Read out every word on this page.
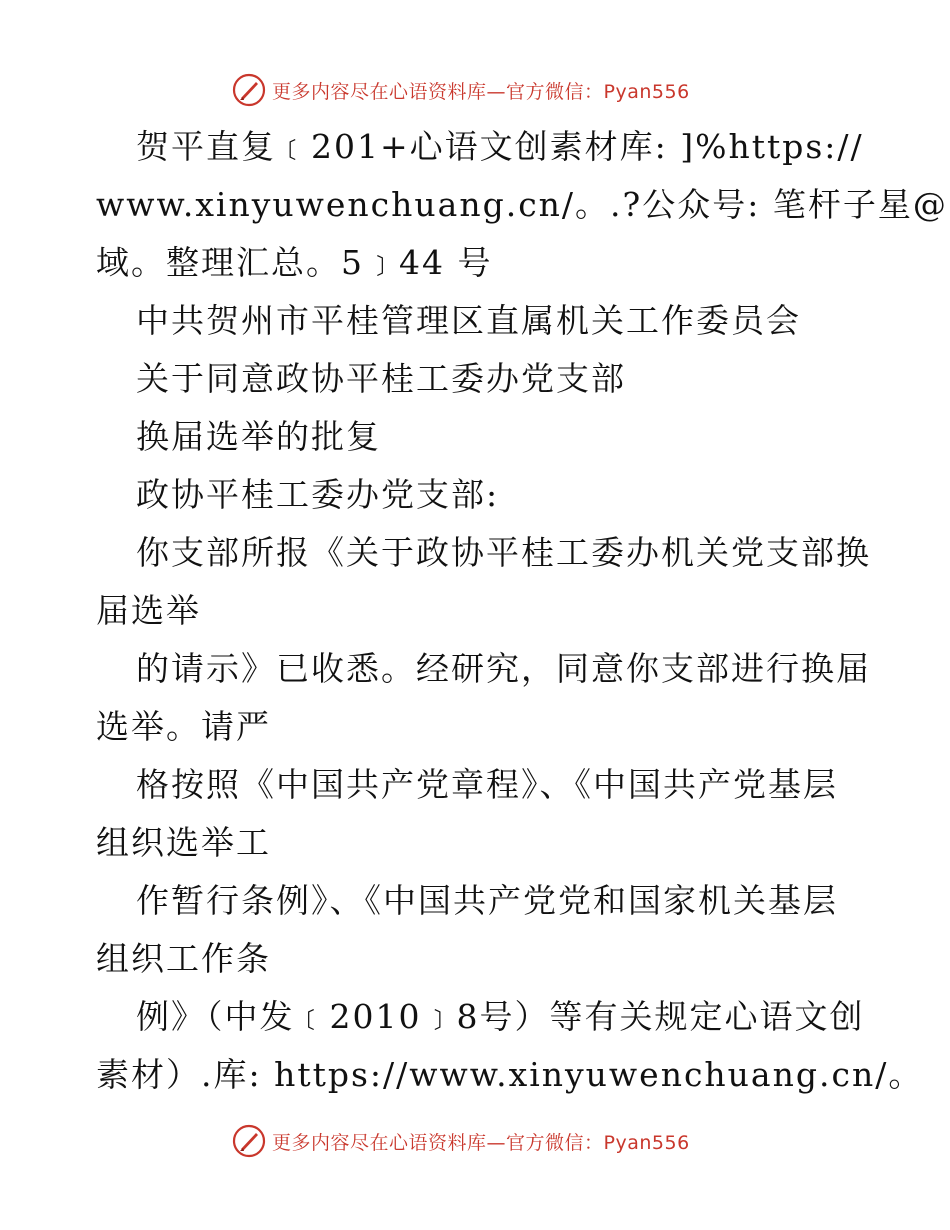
更多内容尽在心语资料库—官方微信：Pyan556
贺平直复﹝201+心语文创素材库: ]%https://
www.xinyuwenchuang.cn/。.?公众号: 笔杆子星@
域。整理汇总。5﹞44 号
中共贺州市平桂管理区直属机关工作委员会
关于同意政协平桂工委办党支部
换届选举的批复
政协平桂工委办党支部:
你支部所报《关于政协平桂工委办机关党支部换
届选举
的请示》已收悉。经研究，同意你支部进行换届
选举。请严
格按照《中国共产党章程》、《中国共产党基层
组织选举工
作暂行条例》、《中国共产党党和国家机关基层
组织工作条
例》（中发﹝2010﹞8号）等有关规定心语文创
素材）.库: https://www.xinyuwenchuang.cn/。
更多内容尽在心语资料库—官方微信：Pyan556
